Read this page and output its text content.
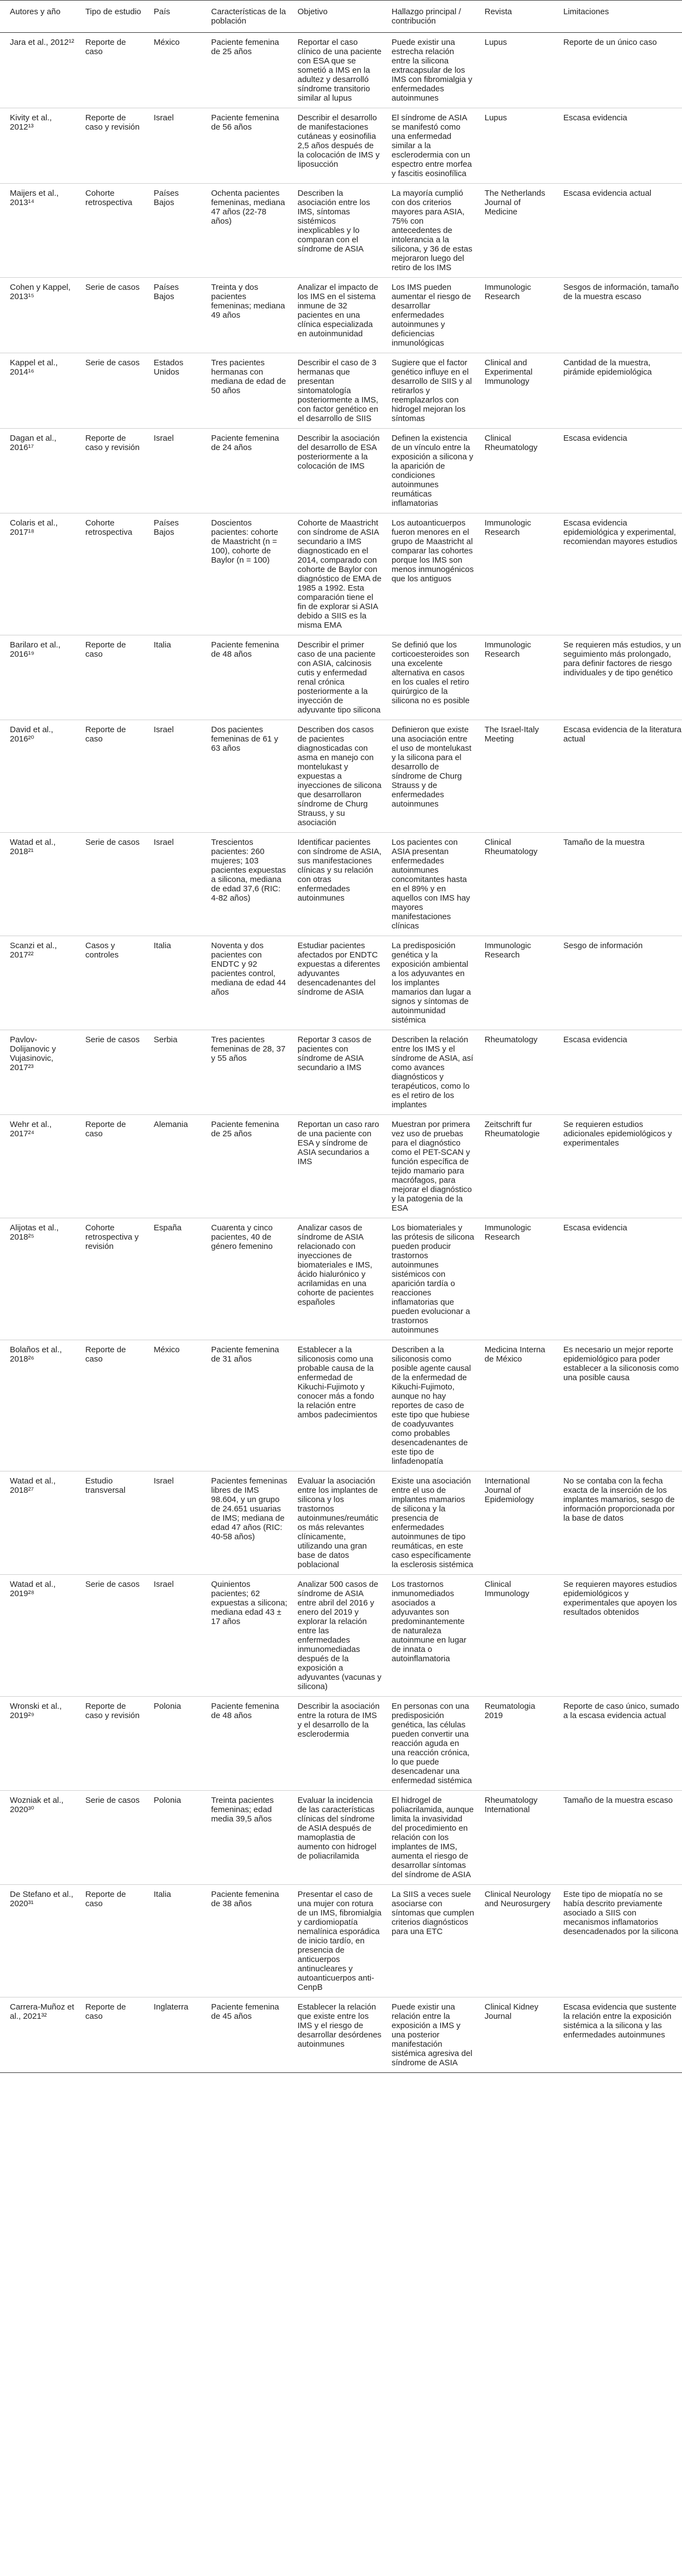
Autores y año	Tipo de estudio	País	Características de la población	Objetivo	Hallazgo principal / contribución	Revista	Limitaciones
Jara et al., 2012¹²	Reporte de caso	México	Paciente femenina de 25 años	Reportar el caso clínico de una paciente con ESA que se sometió a IMS en la adultez y desarrolló síndrome transitorio similar al lupus	Puede existir una estrecha relación entre la silicona extracapsular de los IMS con fibromialgia y enfermedades autoinmunes	Lupus	Reporte de un único caso
Kivity et al., 2012¹³	Reporte de caso y revisión	Israel	Paciente femenina de 56 años	Describir el desarrollo de manifestaciones cutáneas y eosinofilia 2,5 años después de la colocación de IMS y liposucción	El síndrome de ASIA se manifestó como una enfermedad similar a la esclerodermia con un espectro entre morfea y fascitis eosinofílica	Lupus	Escasa evidencia
Maijers et al., 2013¹⁴	Cohorte retrospectiva	Países Bajos	Ochenta pacientes femeninas, mediana 47 años (22-78 años)	Describen la asociación entre los IMS, síntomas sistémicos inexplicables y lo comparan con el síndrome de ASIA	La mayoría cumplió con dos criterios mayores para ASIA, 75% con antecedentes de intolerancia a la silicona, y 36 de estas mejoraron luego del retiro de los IMS	The Netherlands Journal of Medicine	Escasa evidencia actual
Cohen y Kappel, 2013¹⁵	Serie de casos	Países Bajos	Treinta y dos pacientes femeninas; mediana 49 años	Analizar el impacto de los IMS en el sistema inmune de 32 pacientes en una clínica especializada en autoinmunidad	Los IMS pueden aumentar el riesgo de desarrollar enfermedades autoinmunes y deficiencias inmunológicas	Immunologic Research	Sesgos de información, tamaño de la muestra escaso
Kappel et al., 2014¹⁶	Serie de casos	Estados Unidos	Tres pacientes hermanas con mediana de edad de 50 años	Describir el caso de 3 hermanas que presentan sintomatología posteriormente a IMS, con factor genético en el desarrollo de SIIS	Sugiere que el factor genético influye en el desarrollo de SIIS y al retirarlos y reemplazarlos con hidrogel mejoran los síntomas	Clinical and Experimental Immunology	Cantidad de la muestra, pirámide epidemiológica
Dagan et al., 2016¹⁷	Reporte de caso y revisión	Israel	Paciente femenina de 24 años	Describir la asociación del desarrollo de ESA posteriormente a la colocación de IMS	Definen la existencia de un vínculo entre la exposición a silicona y la aparición de condiciones autoinmunes reumáticas inflamatorias	Clinical Rheumatology	Escasa evidencia
Colaris et al., 2017¹⁸	Cohorte retrospectiva	Países Bajos	Doscientos pacientes: cohorte de Maastricht (n = 100), cohorte de Baylor (n = 100)	Cohorte de Maastricht con síndrome de ASIA secundario a IMS diagnosticado en el 2014, comparado con cohorte de Baylor con diagnóstico de EMA de 1985 a 1992. Esta comparación tiene el fin de explorar si ASIA debido a SIIS es la misma EMA	Los autoanticuerpos fueron menores en el grupo de Maastricht al comparar las cohortes porque los IMS son menos inmunogénicos que los antiguos	Immunologic Research	Escasa evidencia epidemiológica y experimental, recomiendan mayores estudios
Barilaro et al., 2016¹⁹	Reporte de caso	Italia	Paciente femenina de 48 años	Describir el primer caso de una paciente con ASIA, calcinosis cutis y enfermedad renal crónica posteriormente a la inyección de adyuvante tipo silicona	Se definió que los corticoesteroides son una excelente alternativa en casos en los cuales el retiro quirúrgico de la silicona no es posible	Immunologic Research	Se requieren más estudios, y un seguimiento más prolongado, para definir factores de riesgo individuales y de tipo genético
David et al., 2016²⁰	Reporte de caso	Israel	Dos pacientes femeninas de 61 y 63 años	Describen dos casos de pacientes diagnosticadas con asma en manejo con montelukast y expuestas a inyecciones de silicona que desarrollaron síndrome de Churg Strauss, y su asociación	Definieron que existe una asociación entre el uso de montelukast y la silicona para el desarrollo de síndrome de Churg Strauss y de enfermedades autoinmunes	The Israel-Italy Meeting	Escasa evidencia de la literatura actual
Watad et al., 2018²¹	Serie de casos	Israel	Trescientos pacientes: 260 mujeres; 103 pacientes expuestas a silicona, mediana de edad 37,6 (RIC: 4-82 años)	Identificar pacientes con síndrome de ASIA, sus manifestaciones clínicas y su relación con otras enfermedades autoinmunes	Los pacientes con ASIA presentan enfermedades autoinmunes concomitantes hasta en el 89% y en aquellos con IMS hay mayores manifestaciones clínicas	Clinical Rheumatology	Tamaño de la muestra
Scanzi et al., 2017²²	Casos y controles	Italia	Noventa y dos pacientes con ENDTC y 92 pacientes control, mediana de edad 44 años	Estudiar pacientes afectados por ENDTC expuestas a diferentes adyuvantes desencadenantes del síndrome de ASIA	La predisposición genética y la exposición ambiental a los adyuvantes en los implantes mamarios dan lugar a signos y síntomas de autoinmunidad sistémica	Immunologic Research	Sesgo de información
Pavlov-Dolijanovic y Vujasinovic, 2017²³	Serie de casos	Serbia	Tres pacientes femeninas de 28, 37 y 55 años	Reportar 3 casos de pacientes con síndrome de ASIA secundario a IMS	Describen la relación entre los IMS y el síndrome de ASIA, así como avances diagnósticos y terapéuticos, como lo es el retiro de los implantes	Rheumatology	Escasa evidencia
Wehr et al., 2017²⁴	Reporte de caso	Alemania	Paciente femenina de 25 años	Reportan un caso raro de una paciente con ESA y síndrome de ASIA secundarios a IMS	Muestran por primera vez uso de pruebas para el diagnóstico como el PET-SCAN y función específica de tejido mamario para macrófagos, para mejorar el diagnóstico y la patogenia de la ESA	Zeitschrift fur Rheumatologie	Se requieren estudios adicionales epidemiológicos y experimentales
Alijotas et al., 2018²⁵	Cohorte retrospectiva y revisión	España	Cuarenta y cinco pacientes, 40 de género femenino	Analizar casos de síndrome de ASIA relacionado con inyecciones de biomateriales e IMS, ácido hialurónico y acrilamidas en una cohorte de pacientes españoles	Los biomateriales y las prótesis de silicona pueden producir trastornos autoinmunes sistémicos con aparición tardía o reacciones inflamatorias que pueden evolucionar a trastornos autoinmunes	Immunologic Research	Escasa evidencia
Bolaños et al., 2018²⁶	Reporte de caso	México	Paciente femenina de 31 años	Establecer a la siliconosis como una probable causa de la enfermedad de Kikuchi-Fujimoto y conocer más a fondo la relación entre ambos padecimientos	Describen a la siliconosis como posible agente causal de la enfermedad de Kikuchi-Fujimoto, aunque no hay reportes de caso de este tipo que hubiese de coadyuvantes como probables desencadenantes de este tipo de linfadenopatía	Medicina Interna de México	Es necesario un mejor reporte epidemiológico para poder establecer a la siliconosis como una posible causa
Watad et al., 2018²⁷	Estudio transversal	Israel	Pacientes femeninas libres de IMS 98.604, y un grupo de 24.651 usuarias de IMS; mediana de edad 47 años (RIC: 40-58 años)	Evaluar la asociación entre los implantes de silicona y los trastornos autoinmunes/reumáticos más relevantes clínicamente, utilizando una gran base de datos poblacional	Existe una asociación entre el uso de implantes mamarios de silicona y la presencia de enfermedades autoinmunes de tipo reumáticas, en este caso específicamente la esclerosis sistémica	International Journal of Epidemiology	No se contaba con la fecha exacta de la inserción de los implantes mamarios, sesgo de información proporcionada por la base de datos
Watad et al., 2019²⁸	Serie de casos	Israel	Quinientos pacientes; 62 expuestas a silicona; mediana edad 43 ± 17 años	Analizar 500 casos de síndrome de ASIA entre abril del 2016 y enero del 2019 y explorar la relación entre las enfermedades inmunomediadas después de la exposición a adyuvantes (vacunas y silicona)	Los trastornos inmunomediados asociados a adyuvantes son predominantemente de naturaleza autoinmune en lugar de innata o autoinflamatoria	Clinical Immunology	Se requieren mayores estudios epidemiológicos y experimentales que apoyen los resultados obtenidos
Wronski et al., 2019²⁹	Reporte de caso y revisión	Polonia	Paciente femenina de 48 años	Describir la asociación entre la rotura de IMS y el desarrollo de la esclerodermia	En personas con una predisposición genética, las células pueden convertir una reacción aguda en una reacción crónica, lo que puede desencadenar una enfermedad sistémica	Reumatologia 2019	Reporte de caso único, sumado a la escasa evidencia actual
Wozniak et al., 2020³⁰	Serie de casos	Polonia	Treinta pacientes femeninas; edad media 39,5 años	Evaluar la incidencia de las características clínicas del síndrome de ASIA después de mamoplastia de aumento con hidrogel de poliacrilamida	El hidrogel de poliacrilamida, aunque limita la invasividad del procedimiento en relación con los implantes de IMS, aumenta el riesgo de desarrollar síntomas del síndrome de ASIA	Rheumatology International	Tamaño de la muestra escaso
De Stefano et al., 2020³¹	Reporte de caso	Italia	Paciente femenina de 38 años	Presentar el caso de una mujer con rotura de un IMS, fibromialgia y cardiomiopatía nemalínica esporádica de inicio tardío, en presencia de anticuerpos antinucleares y autoanticuerpos anti-CenpB	La SIIS a veces suele asociarse con síntomas que cumplen criterios diagnósticos para una ETC	Clinical Neurology and Neurosurgery	Este tipo de miopatía no se había descrito previamente asociado a SIIS con mecanismos inflamatorios desencadenados por la silicona
Carrera-Muñoz et al., 2021³²	Reporte de caso	Inglaterra	Paciente femenina de 45 años	Establecer la relación que existe entre los IMS y el riesgo de desarrollar desórdenes autoinmunes	Puede existir una relación entre la exposición a IMS y una posterior manifestación sistémica agresiva del síndrome de ASIA	Clinical Kidney Journal	Escasa evidencia que sustente la relación entre la exposición sistémica a la silicona y las enfermedades autoinmunes
